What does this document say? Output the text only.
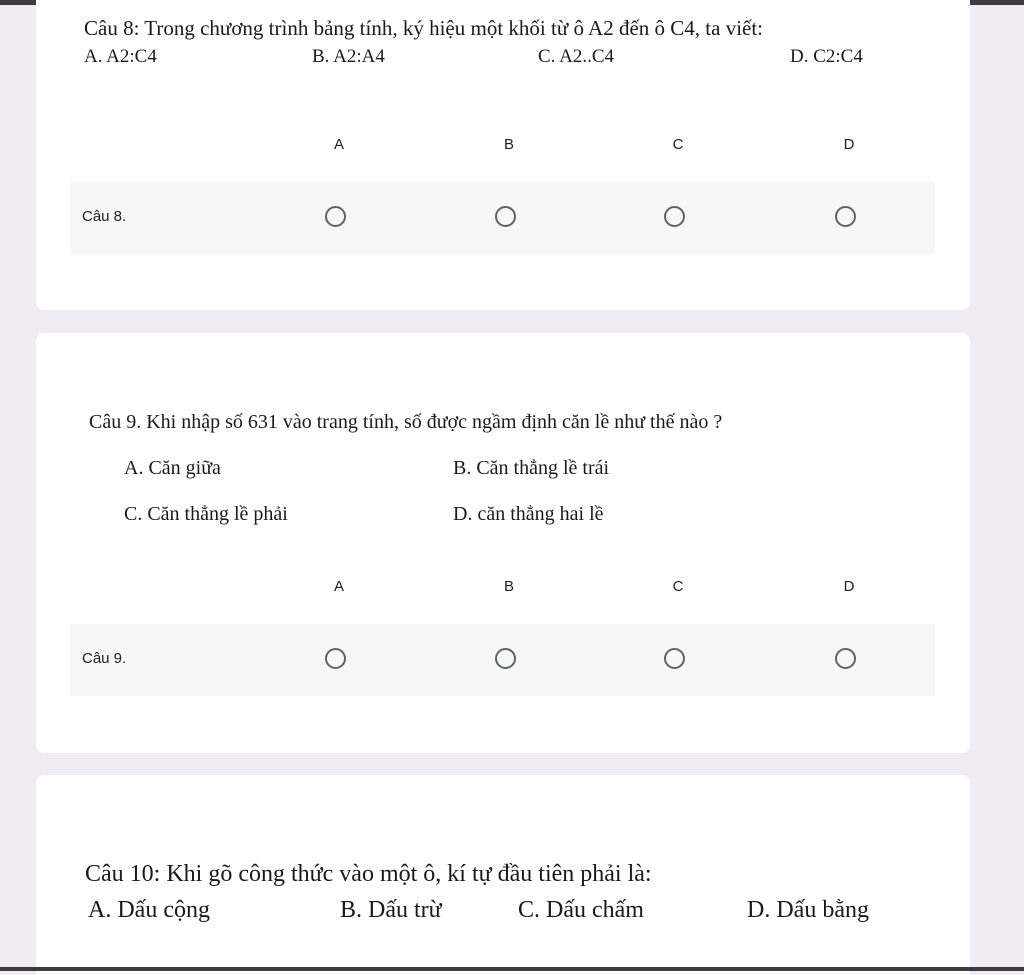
Câu 8: Trong chương trình bảng tính, ký hiệu một khối từ ô A2 đến ô C4, ta viết:
A. A2:C4	B. A2:A4	C. A2..C4	D. C2:C4
A	B	C	D
Câu 8.
Câu 9. Khi nhập số 631 vào trang tính, số được ngầm định căn lề như thế nào ?
A. Căn giữa	B. Căn thẳng lề trái
C. Căn thẳng lề phải	D. căn thẳng hai lề
A	B	C	D
Câu 9.
Câu 10: Khi gõ công thức vào một ô, kí tự đầu tiên phải là:
A. Dấu cộng	B. Dấu trừ	C. Dấu chấm	D. Dấu bằng
